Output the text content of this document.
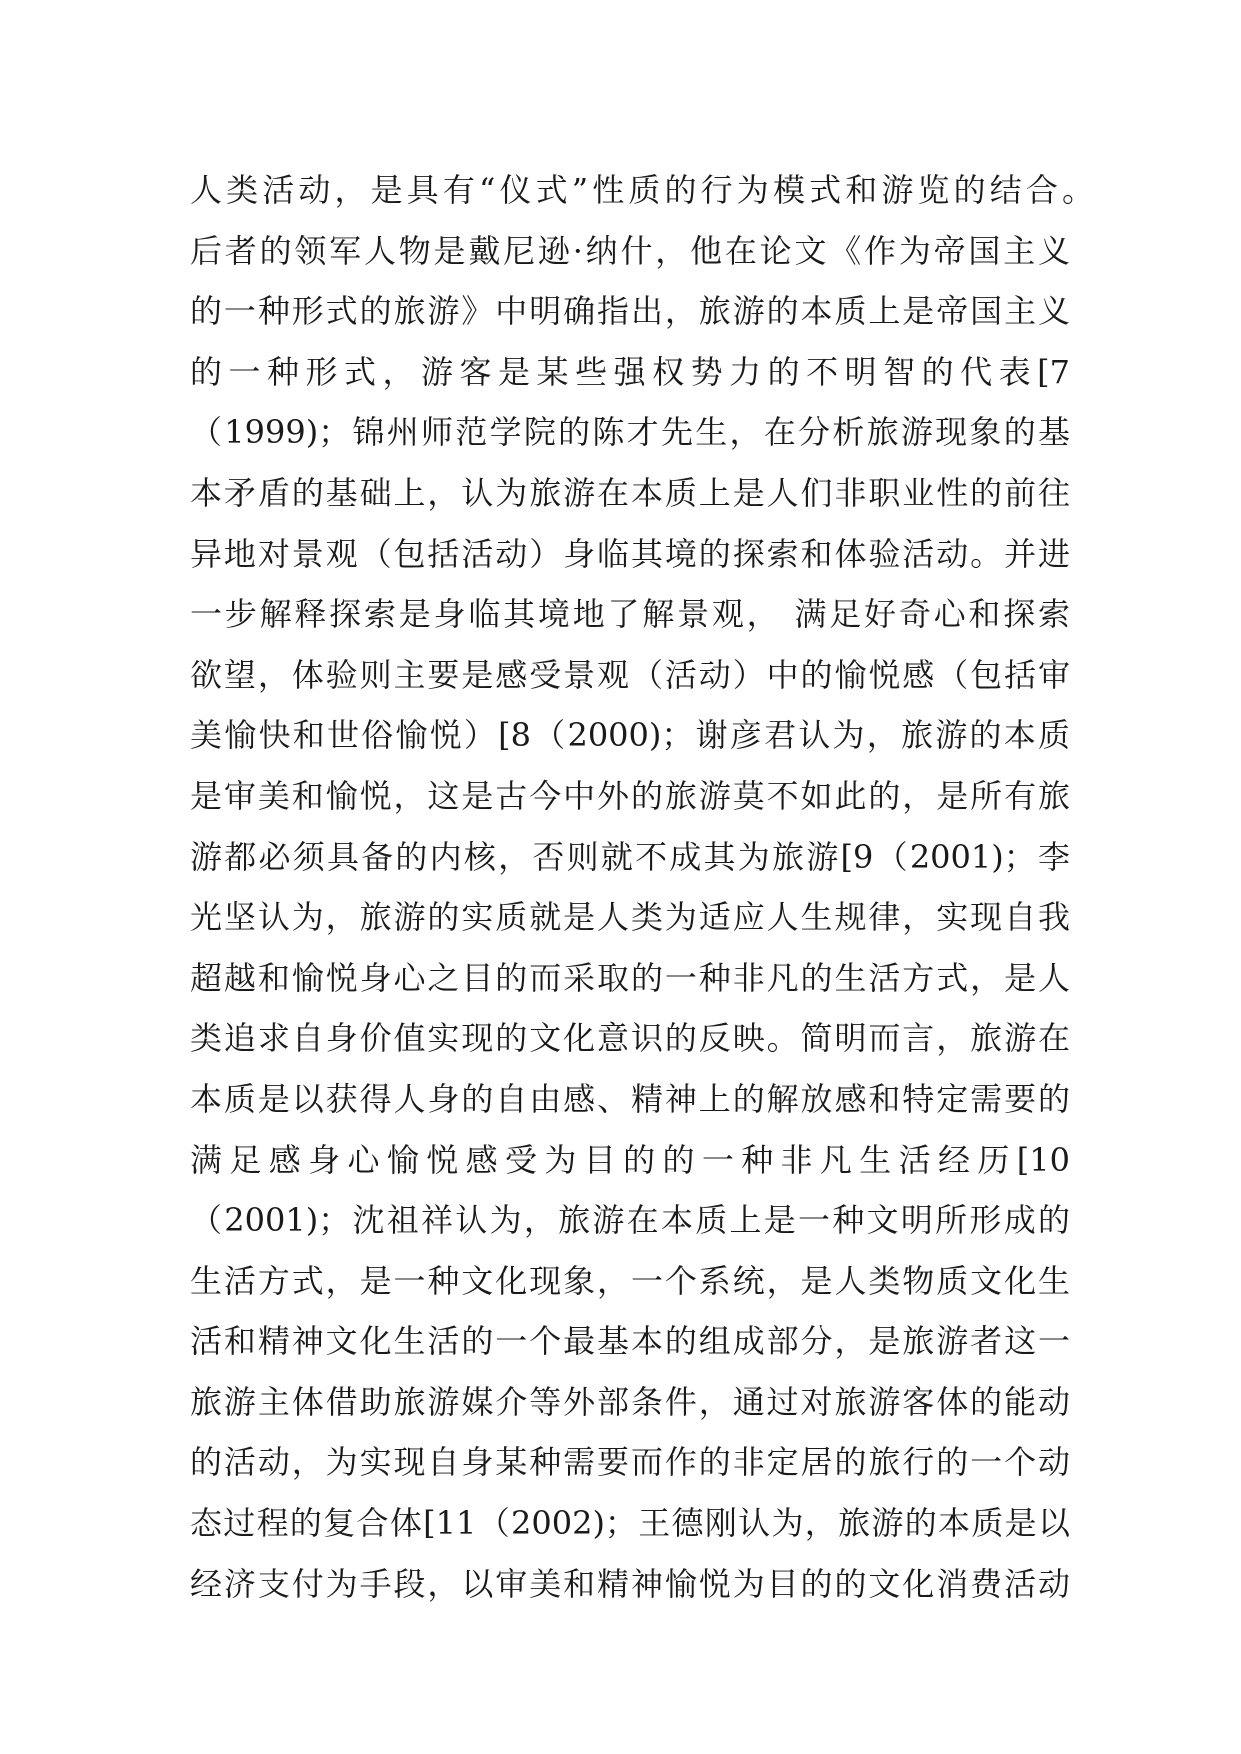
人类活动，是具有“仪式”性质的行为模式和游览的结合。
后者的领军人物是戴尼逊·纳什，他在论文《作为帝国主义
的一种形式的旅游》中明确指出，旅游的本质上是帝国主义
的一种形式，游客是某些强权势力的不明智的代表[7
（1999)；锦州师范学院的陈才先生，在分析旅游现象的基
本矛盾的基础上，认为旅游在本质上是人们非职业性的前往
异地对景观（包括活动）身临其境的探索和体验活动。并进
一步解释探索是身临其境地了解景观， 满足好奇心和探索
欲望，体验则主要是感受景观（活动）中的愉悦感（包括审
美愉快和世俗愉悦）[8（2000)；谢彦君认为，旅游的本质
是审美和愉悦，这是古今中外的旅游莫不如此的，是所有旅
游都必须具备的内核，否则就不成其为旅游[9（2001)；李
光坚认为，旅游的实质就是人类为适应人生规律，实现自我
超越和愉悦身心之目的而采取的一种非凡的生活方式，是人
类追求自身价值实现的文化意识的反映。简明而言，旅游在
本质是以获得人身的自由感、精神上的解放感和特定需要的
满足感身心愉悦感受为目的的一种非凡生活经历[10
（2001)；沈祖祥认为，旅游在本质上是一种文明所形成的
生活方式，是一种文化现象，一个系统，是人类物质文化生
活和精神文化生活的一个最基本的组成部分，是旅游者这一
旅游主体借助旅游媒介等外部条件，通过对旅游客体的能动
的活动，为实现自身某种需要而作的非定居的旅行的一个动
态过程的复合体[11（2002)；王德刚认为，旅游的本质是以
经济支付为手段，以审美和精神愉悦为目的的文化消费活动
